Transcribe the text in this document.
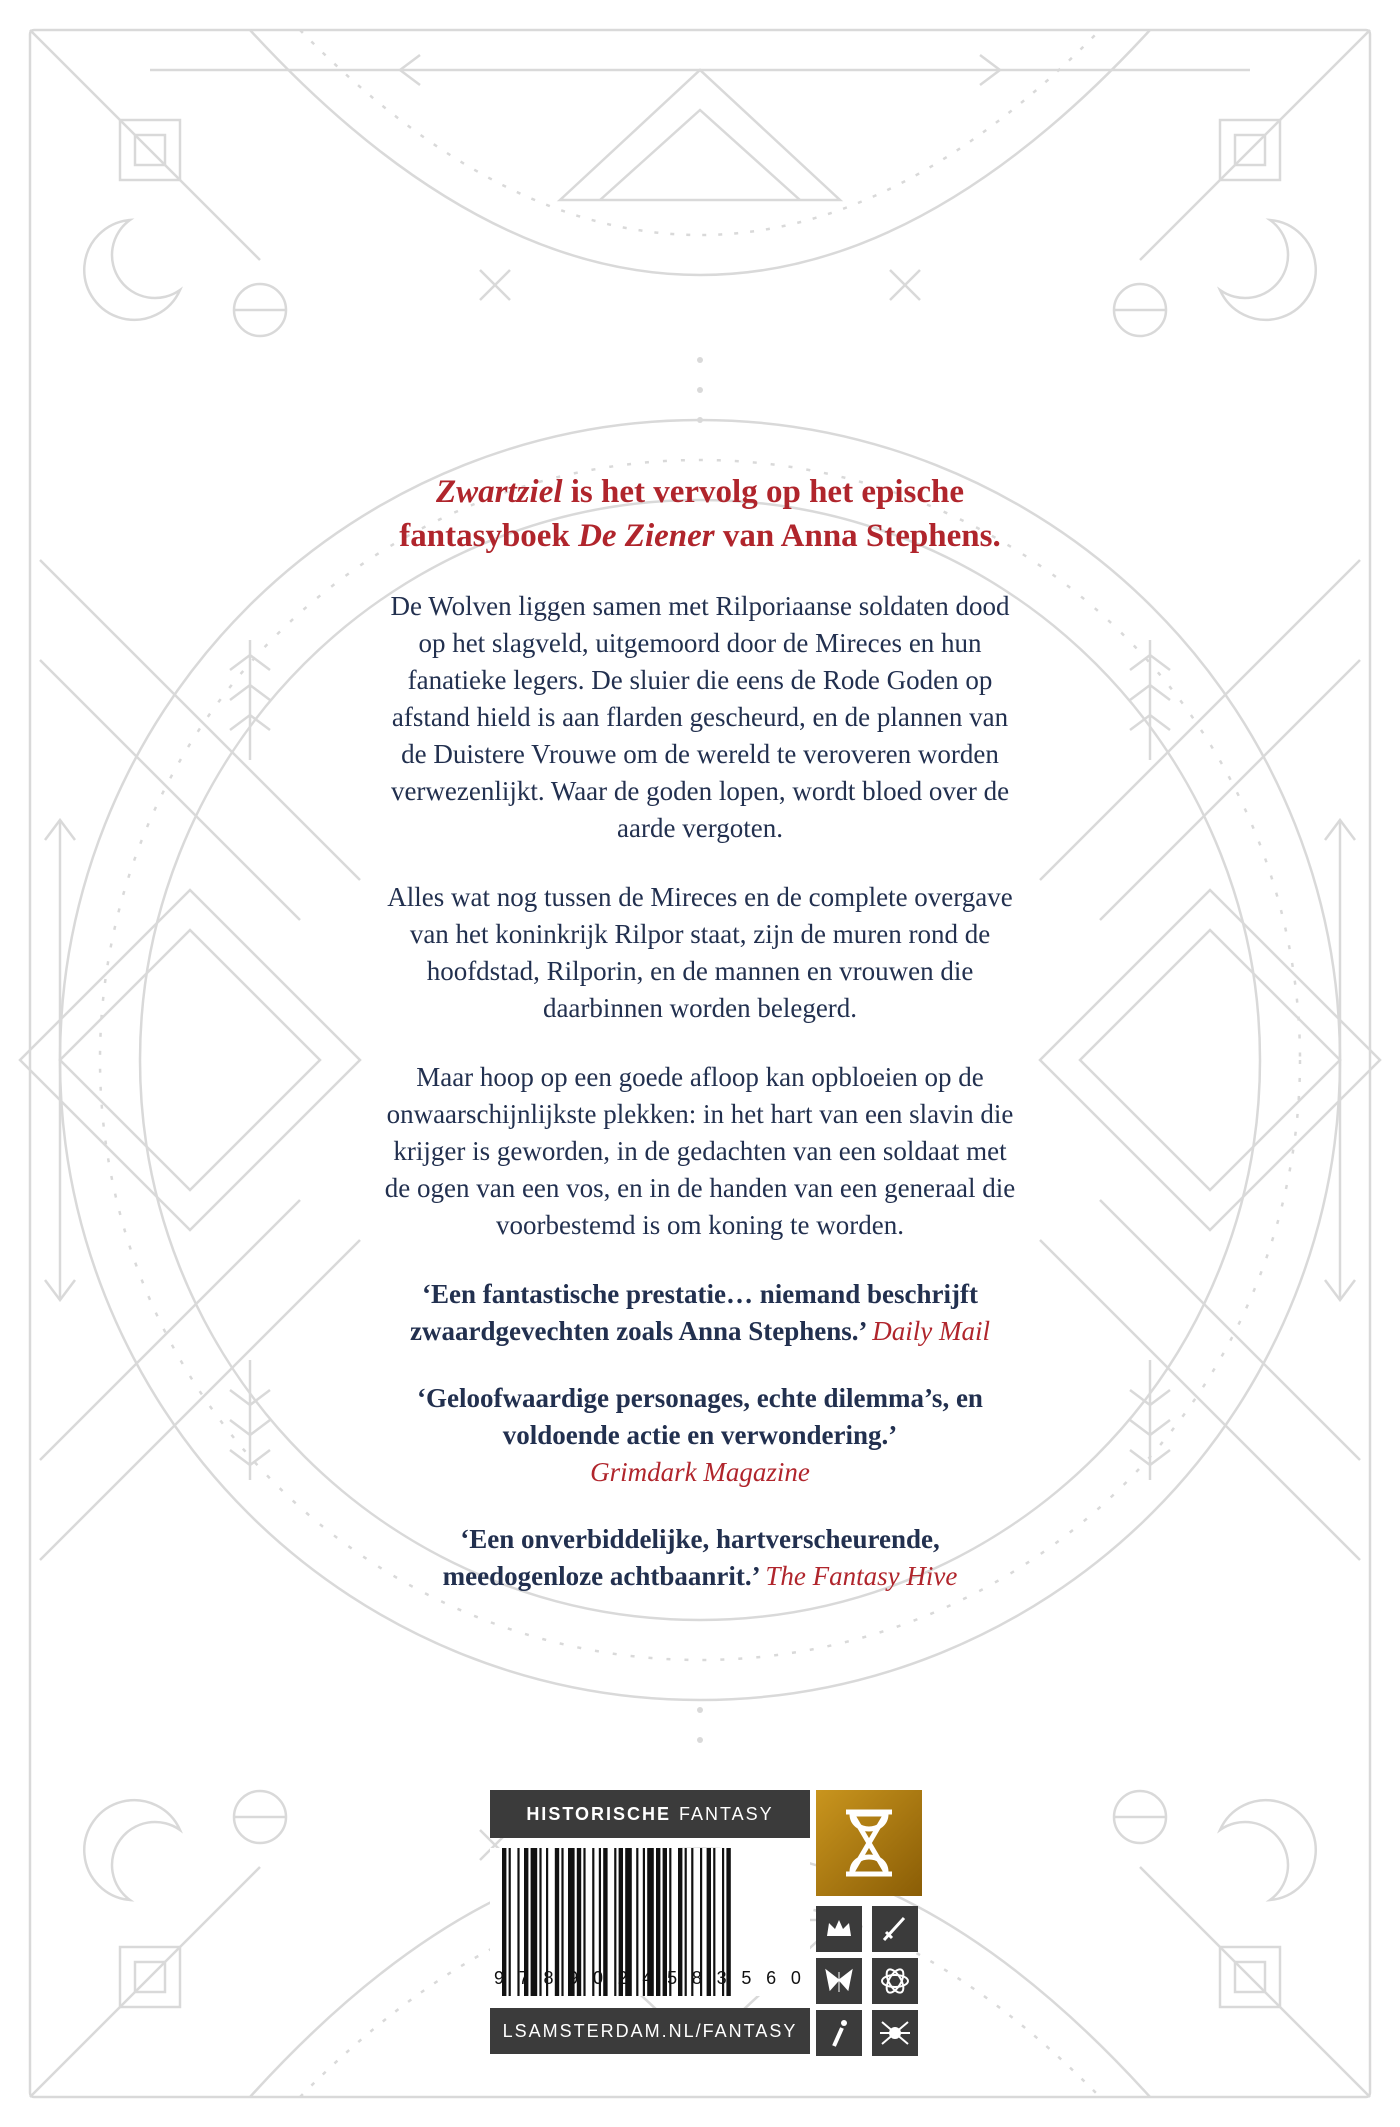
Zwartziel is het vervolg op het epische fantasyboek De Ziener van Anna Stephens.

De Wolven liggen samen met Rilporiaanse soldaten dood op het slagveld, uitgemoord door de Mireces en hun fanatieke legers. De sluier die eens de Rode Goden op afstand hield is aan flarden gescheurd, en de plannen van de Duistere Vrouwe om de wereld te veroveren worden verwezenlijkt. Waar de goden lopen, wordt bloed over de aarde vergoten.

Alles wat nog tussen de Mireces en de complete overgave van het koninkrijk Rilpor staat, zijn de muren rond de hoofdstad, Rilporin, en de mannen en vrouwen die daarbinnen worden belegerd.

Maar hoop op een goede afloop kan opbloeien op de onwaarschijnlijkste plekken: in het hart van een slavin die krijger is geworden, in de gedachten van een soldaat met de ogen van een vos, en in de handen van een generaal die voorbestemd is om koning te worden.

‘Een fantastische prestatie… niemand beschrijft zwaardgevechten zoals Anna Stephens.’ Daily Mail

‘Geloofwaardige personages, echte dilemma’s, en voldoende actie en verwondering.’
Grimdark Magazine

‘Een onverbiddelijke, hartverscheurende, meedogenloze achtbaanrit.’ The Fantasy Hive

HISTORISCHE FANTASY
9 7 8 9 0 2 4 5 8 3 5 6 0
LSAMSTERDAM.NL/FANTASY
